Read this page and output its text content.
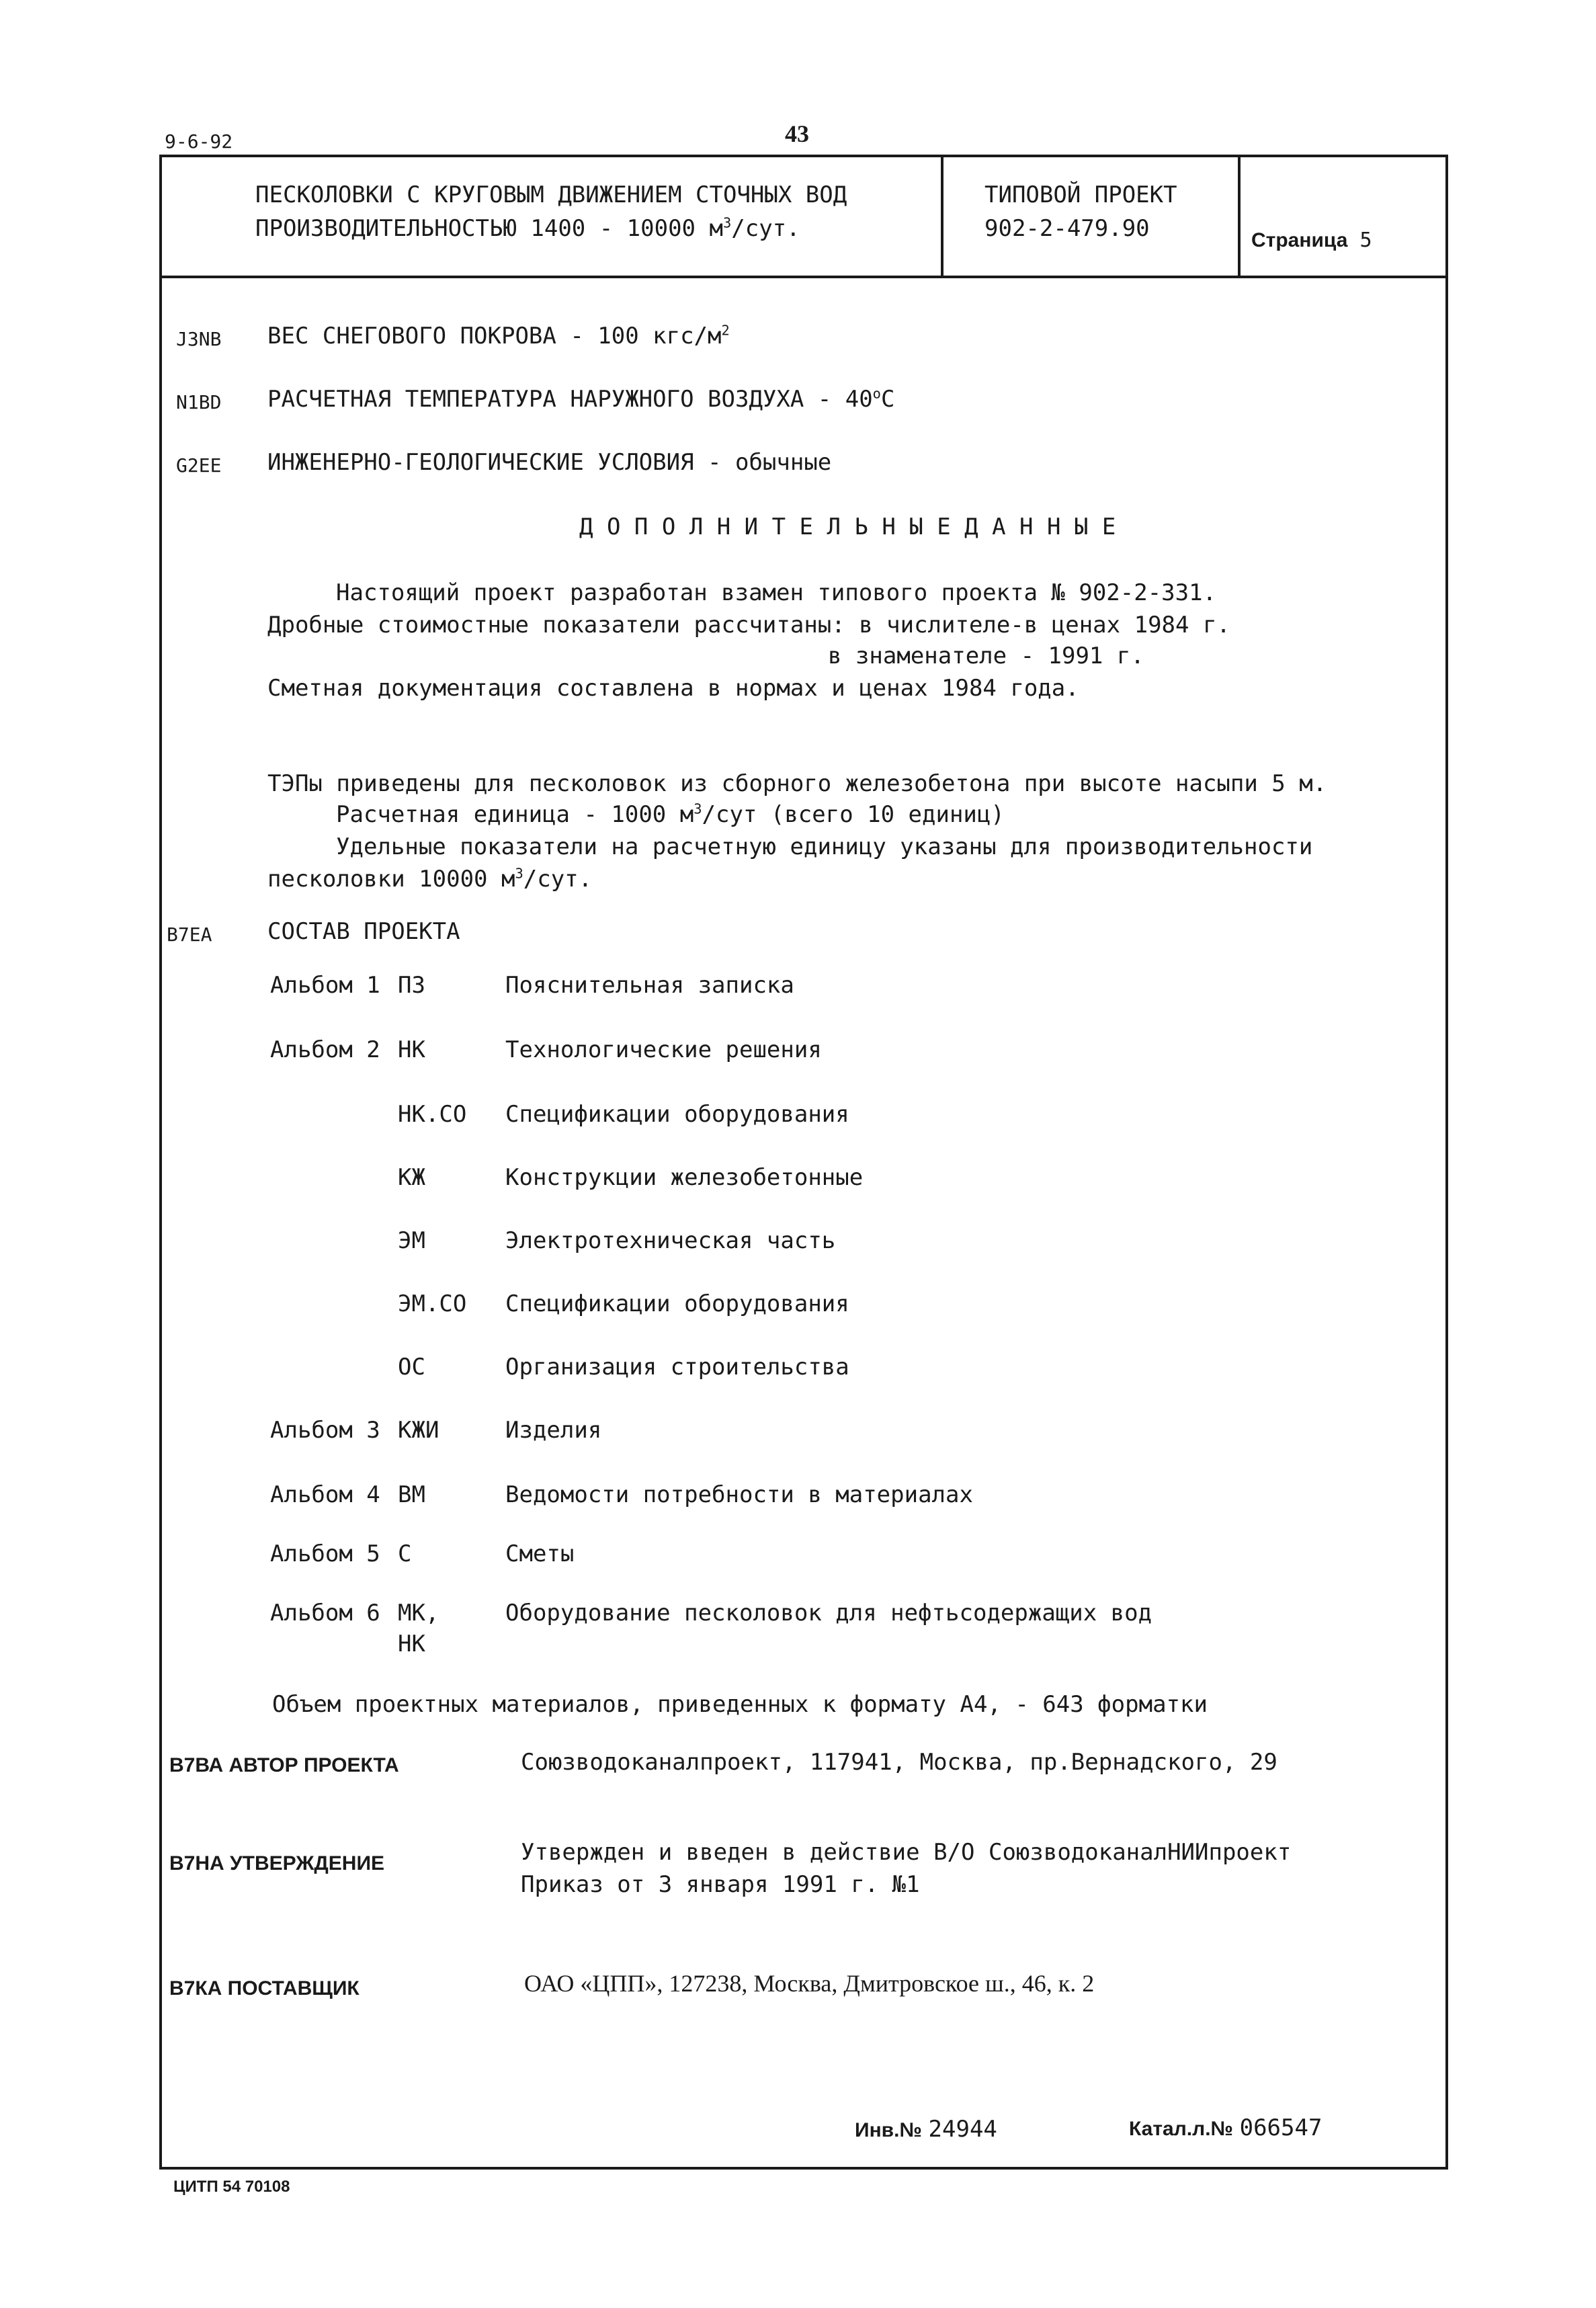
9-6-92	43
ПЕСКОЛОВКИ С КРУГОВЫМ ДВИЖЕНИЕМ СТОЧНЫХ ВОД
ПРОИЗВОДИТЕЛЬНОСТЬЮ 1400 - 10000 $м^3$/сут.
ТИПОВОЙ ПРОЕКТ
902-2-479.90	Страница 5
J3NB ВЕС СНЕГОВОГО ПОКРОВА - 100 кгс/$м^2$
N1BD РАСЧЕТНАЯ ТЕМПЕРАТУРА НАРУЖНОГО ВОЗДУХА - $40^оС$
G2EE ИНЖЕНЕРНО-ГЕОЛОГИЧЕСКИЕ УСЛОВИЯ - обычные
Д О П О Л Н И Т Е Л Ь Н Ы Е Д А Н Н Ы Е
Настоящий проект разработан взамен типового проекта № 902-2-331.
Дробные стоимостные показатели рассчитаны: в числителе-в ценах 1984 г.
в знаменателе - 1991 г.
Сметная документация составлена в нормах и ценах 1984 года.
ТЭПы приведены для песколовок из сборного железобетона при высоте насыпи 5 м.
Расчетная единица - 1000 $м^3$/сут (всего 10 единиц)
Удельные показатели на расчетную единицу указаны для производительности
песколовки 10000 $м^3$/сут.
B7EA СОСТАВ ПРОЕКТА
Альбом 1 ПЗ	Пояснительная записка
Альбом 2 НК	Технологические решения
НК.СО Спецификации оборудования
КЖ	Конструкции железобетонные
ЭМ	Электротехническая часть
ЭМ.СО Спецификации оборудования
ОС	Организация строительства
Альбом 3 КЖИ	Изделия
Альбом 4 ВМ	Ведомости потребности в материалах
Альбом 5 С	Сметы
Альбом 6 МК,	Оборудование песколовок для нефтьсодержащих вод
НК
Объем проектных материалов, приведенных к формату А4, - 643 форматки
В7ВА АВТОР ПРОЕКТА	Союзводоканалпроект, 117941, Москва, пр.Вернадского, 29
В7НА УТВЕРЖДЕНИЕ	Утвержден и введен в действие В/О СоюзводоканалНИИпроект
Приказ от 3 января 1991 г. №1
В7КА ПОСТАВЩИК	ОАО «ЦПП», 127238, Москва, Дмитровское ш., 46, к. 2
Инв.№ 24944	Катал.л.№ 066547
ЦИТП 54 70108
